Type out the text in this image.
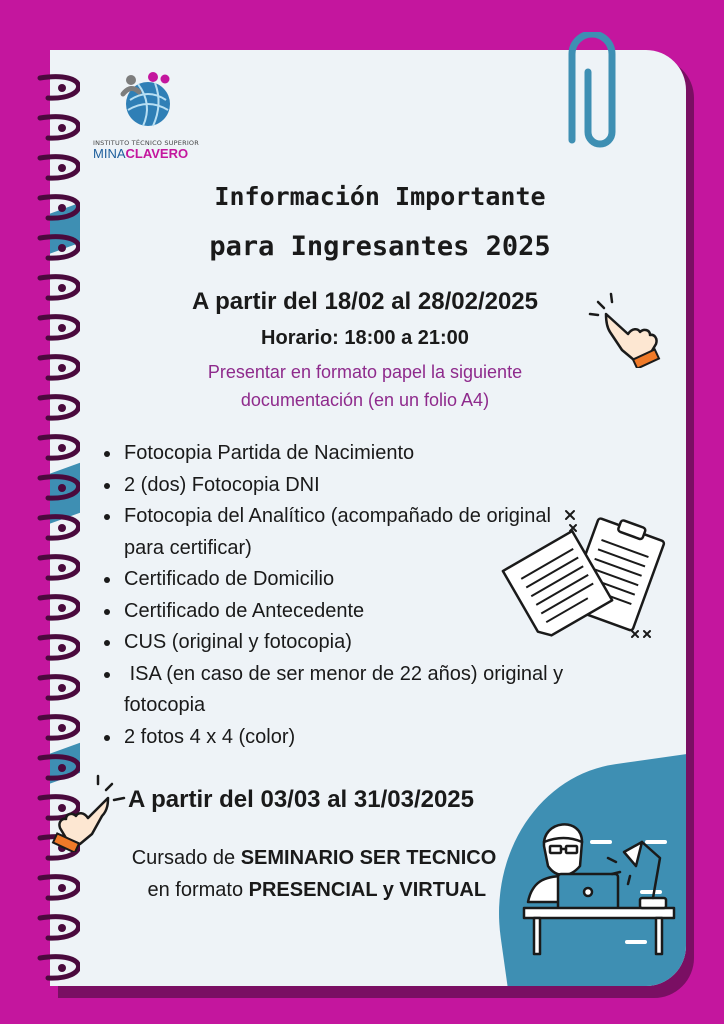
INSTITUTO TÉCNICO SUPERIOR
MINACLAVERO
Información Importante
para Ingresantes 2025
A partir del 18/02 al 28/02/2025
Horario: 18:00 a 21:00
Presentar en formato papel la siguiente
documentación (en un folio A4)
• Fotocopia Partida de Nacimiento
• 2 (dos) Fotocopia DNI
• Fotocopia del Analítico (acompañado de original para certificar)
• Certificado de Domicilio
• Certificado de Antecedente
• CUS (original y fotocopia)
•  ISA (en caso de ser menor de 22 años) original y fotocopia
• 2 fotos 4 x 4 (color)
A partir del 03/03 al 31/03/2025
Cursado de SEMINARIO SER TECNICO en formato PRESENCIAL y VIRTUAL
